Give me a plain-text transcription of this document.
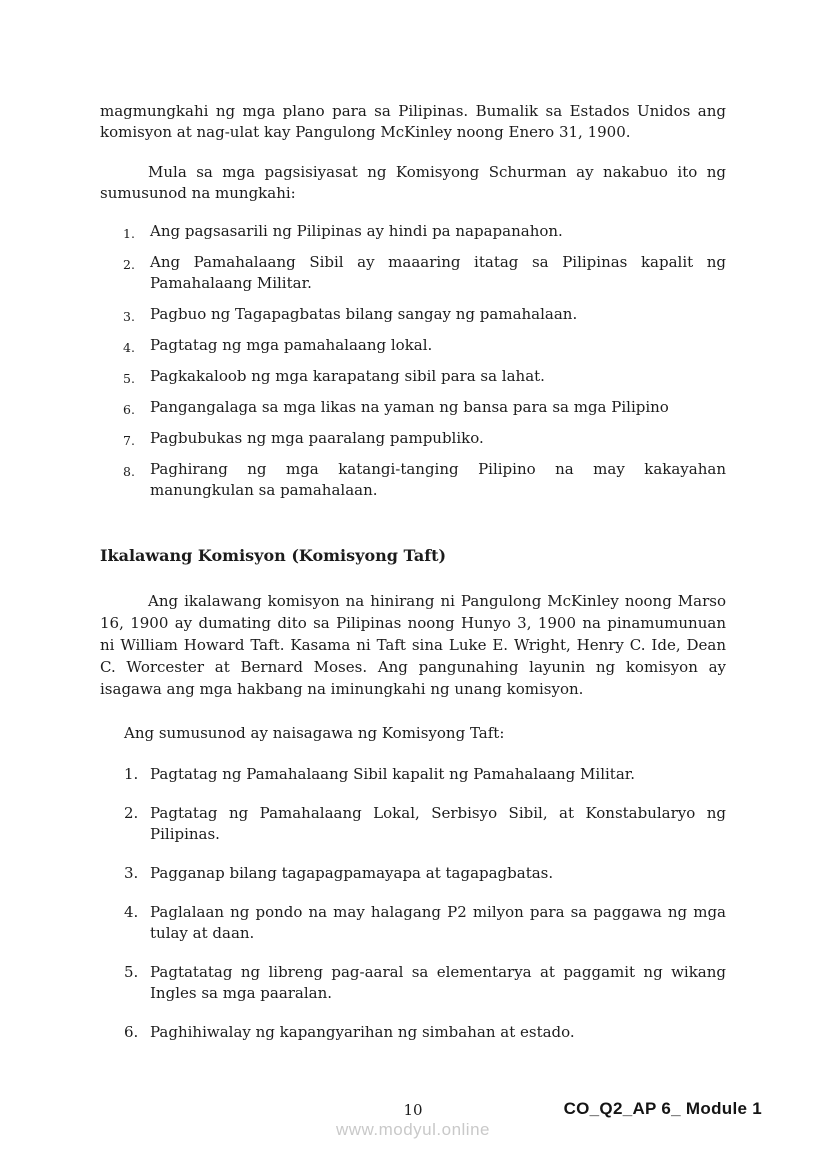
magmungkahi ng mga plano para sa Pilipinas. Bumalik sa Estados Unidos ang komisyon at nag-ulat kay Pangulong McKinley noong Enero 31, 1900.

Mula sa mga pagsisiyasat ng Komisyong Schurman ay nakabuo ito ng sumusunod na mungkahi:

Ang pagsasarili ng Pilipinas ay hindi pa napapanahon.
Ang Pamahalaang Sibil ay maaaring itatag sa Pilipinas kapalit ng Pamahalaang Militar.
Pagbuo ng Tagapagbatas bilang sangay ng pamahalaan.
Pagtatag ng mga pamahalaang lokal.
Pagkakaloob ng mga karapatang sibil para sa lahat.
Pangangalaga sa mga likas na yaman ng bansa para sa mga Pilipino
Pagbubukas ng mga paaralang pampubliko.
Paghirang ng mga katangi-tanging Pilipino na may kakayahan manungkulan sa pamahalaan.
Ikalawang Komisyon (Komisyong Taft)

Ang ikalawang komisyon na hinirang ni Pangulong McKinley noong Marso 16, 1900 ay dumating dito sa Pilipinas noong Hunyo 3, 1900 na pinamumunuan ni William Howard Taft. Kasama ni Taft sina Luke E. Wright, Henry C. Ide, Dean C. Worcester at Bernard Moses. Ang pangunahing layunin ng komisyon ay isagawa ang mga hakbang na iminungkahi ng unang komisyon.

Ang sumusunod ay naisagawa ng Komisyong Taft:

Pagtatag ng Pamahalaang Sibil kapalit ng Pamahalaang Militar.
Pagtatag ng Pamahalaang Lokal, Serbisyo Sibil, at Konstabularyo ng Pilipinas.
Pagganap bilang tagapagpamayapa at tagapagbatas.
Paglalaan ng pondo na may halagang P2 milyon para sa paggawa ng mga tulay at daan.
Pagtatatag ng libreng pag-aaral sa elementarya at paggamit ng wikang Ingles sa mga paaralan.
Paghihiwalay ng kapangyarihan ng simbahan at estado.
10	CO_Q2_AP 6_ Module 1
www.modyul.online
